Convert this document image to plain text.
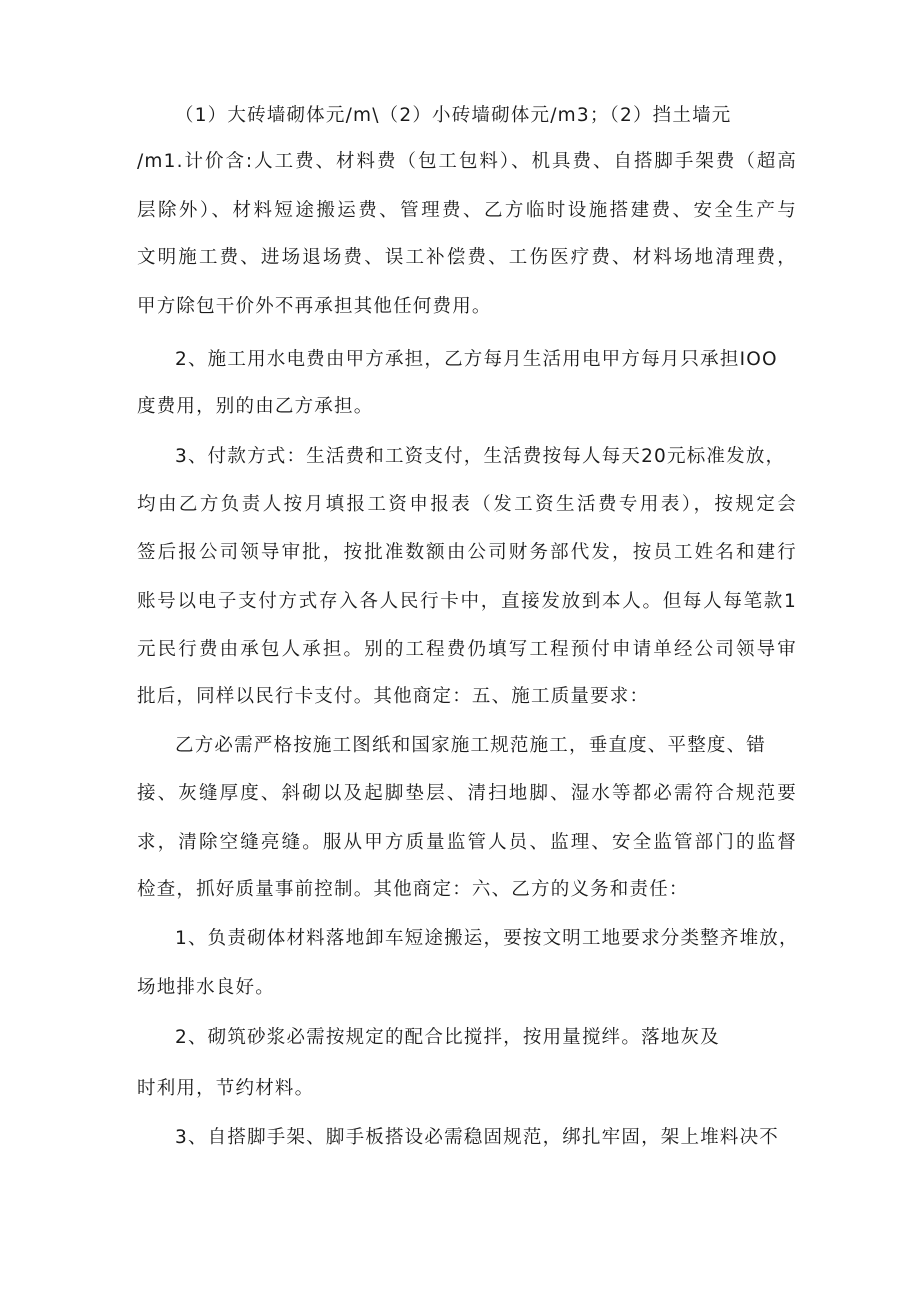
（1）大砖墙砌体元/m\（2）小砖墙砌体元/m3；（2）挡土墙元
/m1.计价含:人工费、材料费（包工包料）、机具费、自搭脚手架费（超高
层除外）、材料短途搬运费、管理费、乙方临时设施搭建费、安全生产与
文明施工费、进场退场费、误工补偿费、工伤医疗费、材料场地清理费，
甲方除包干价外不再承担其他任何费用。
2、施工用水电费由甲方承担，乙方每月生活用电甲方每月只承担IOO
度费用，别的由乙方承担。
3、付款方式：生活费和工资支付，生活费按每人每天20元标准发放，
均由乙方负责人按月填报工资申报表（发工资生活费专用表），按规定会
签后报公司领导审批，按批准数额由公司财务部代发，按员工姓名和建行
账号以电子支付方式存入各人民行卡中，直接发放到本人。但每人每笔款1
元民行费由承包人承担。别的工程费仍填写工程预付申请单经公司领导审
批后，同样以民行卡支付。其他商定：五、施工质量要求：
乙方必需严格按施工图纸和国家施工规范施工，垂直度、平整度、错
接、灰缝厚度、斜砌以及起脚垫层、清扫地脚、湿水等都必需符合规范要
求，清除空缝亮缝。服从甲方质量监管人员、监理、安全监管部门的监督
检查，抓好质量事前控制。其他商定：六、乙方的义务和责任：
1、负责砌体材料落地卸车短途搬运，要按文明工地要求分类整齐堆放，
场地排水良好。
2、砌筑砂浆必需按规定的配合比搅拌，按用量搅绊。落地灰及
时利用，节约材料。
3、自搭脚手架、脚手板搭设必需稳固规范，绑扎牢固，架上堆料决不
